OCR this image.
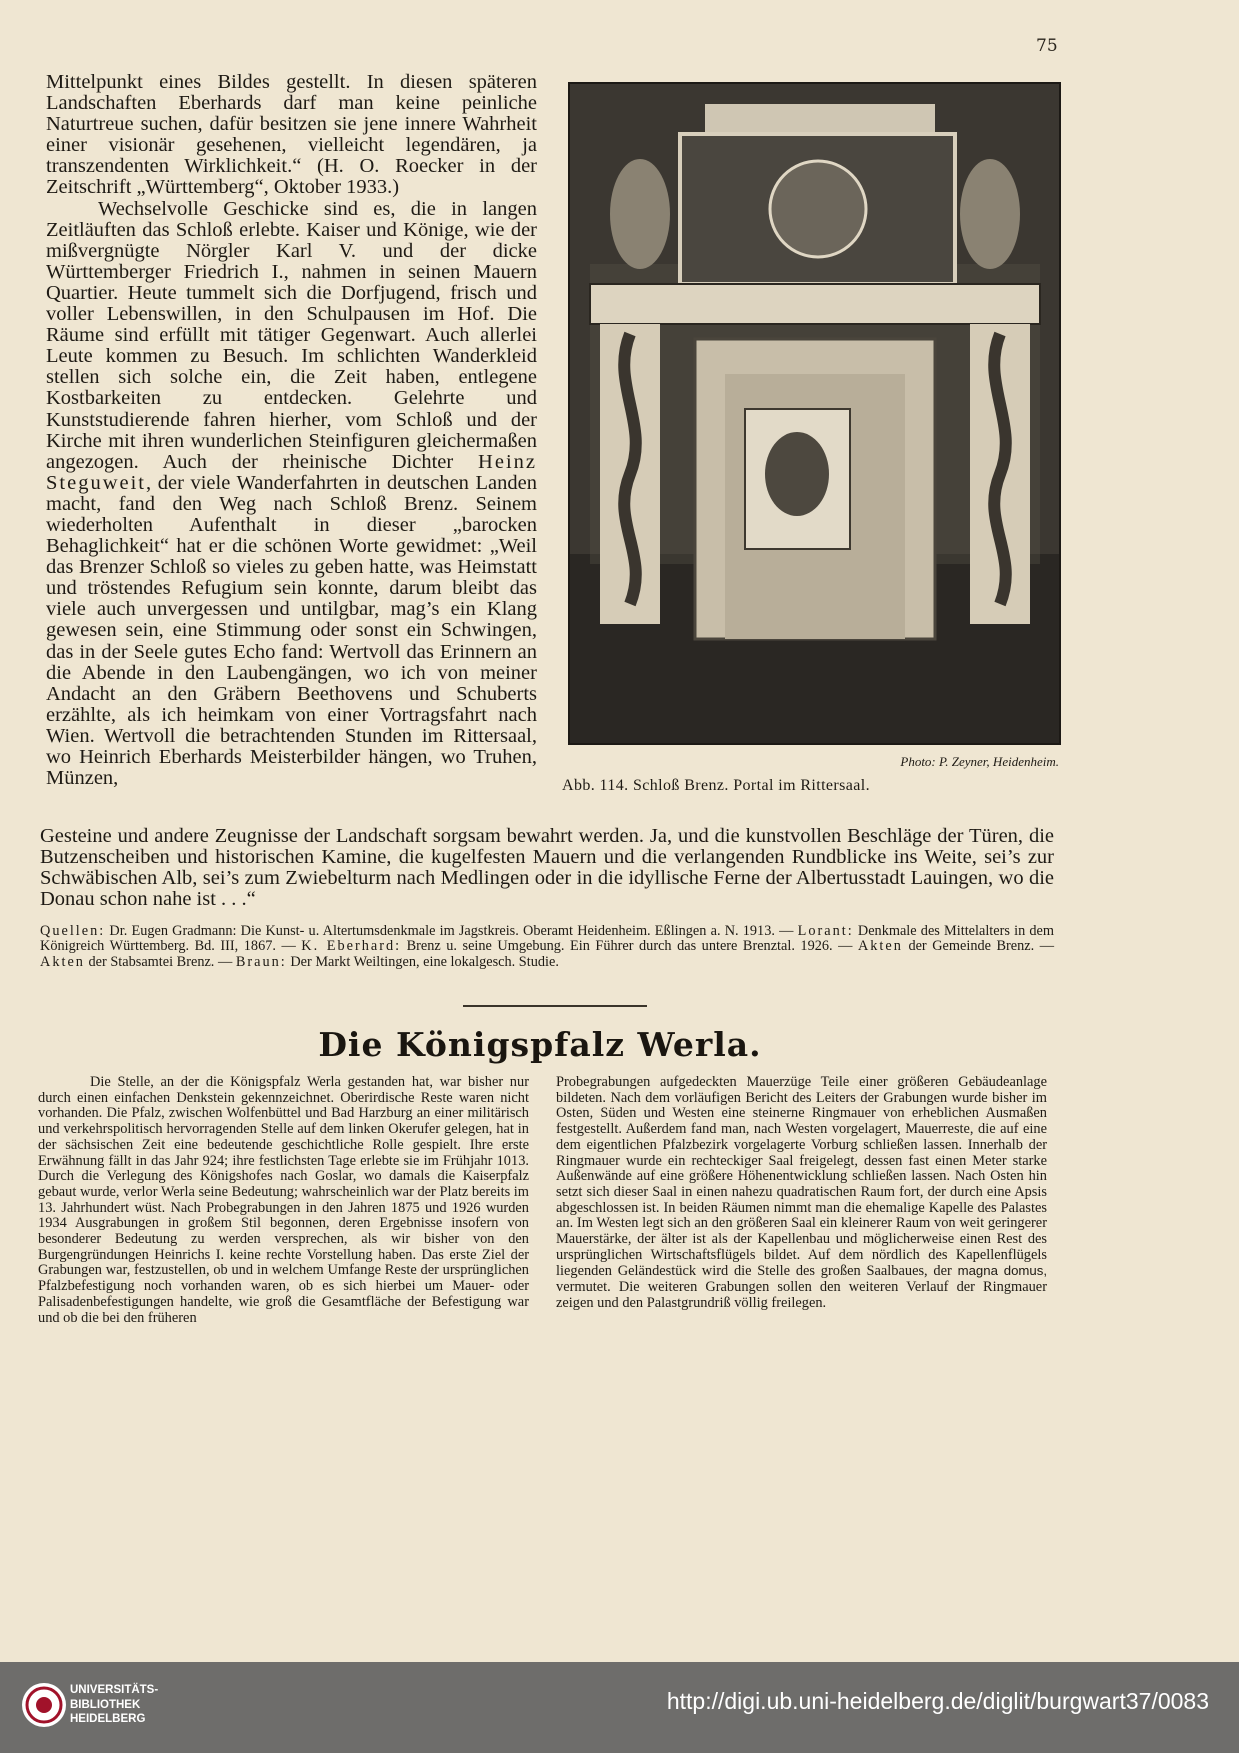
75

Mittelpunkt eines Bildes gestellt. In diesen späteren Landschaften Eberhards darf man keine peinliche Naturtreue suchen, dafür besitzen sie jene innere Wahrheit einer visionär gesehenen, vielleicht legendären, ja transzendenten Wirklichkeit.“ (H. O. Roecker in der Zeitschrift „Württemberg“, Oktober 1933.)

Wechselvolle Geschicke sind es, die in langen Zeitläuften das Schloß erlebte. Kaiser und Könige, wie der mißvergnügte Nörgler Karl V. und der dicke Württemberger Friedrich I., nahmen in seinen Mauern Quartier. Heute tummelt sich die Dorfjugend, frisch und voller Lebenswillen, in den Schulpausen im Hof. Die Räume sind erfüllt mit tätiger Gegenwart. Auch allerlei Leute kommen zu Besuch. Im schlichten Wanderkleid stellen sich solche ein, die Zeit haben, entlegene Kostbarkeiten zu entdecken. Gelehrte und Kunststudierende fahren hierher, vom Schloß und der Kirche mit ihren wunderlichen Steinfiguren gleichermaßen angezogen. Auch der rheinische Dichter Heinz Steguweit, der viele Wanderfahrten in deutschen Landen macht, fand den Weg nach Schloß Brenz. Seinem wiederholten Aufenthalt in dieser „barocken Behaglichkeit“ hat er die schönen Worte gewidmet: „Weil das Brenzer Schloß so vieles zu geben hatte, was Heimstatt und tröstendes Refugium sein konnte, darum bleibt das viele auch unvergessen und untilgbar, mag’s ein Klang gewesen sein, eine Stimmung oder sonst ein Schwingen, das in der Seele gutes Echo fand: Wertvoll das Erinnern an die Abende in den Laubengängen, wo ich von meiner Andacht an den Gräbern Beethovens und Schuberts erzählte, als ich heimkam von einer Vortragsfahrt nach Wien. Wertvoll die betrachtenden Stunden im Rittersaal, wo Heinrich Eberhards Meisterbilder hängen, wo Truhen, Münzen,

Photo: P. Zeyner, Heidenheim.
Abb. 114. Schloß Brenz. Portal im Rittersaal.

Gesteine und andere Zeugnisse der Landschaft sorgsam bewahrt werden. Ja, und die kunstvollen Beschläge der Türen, die Butzenscheiben und historischen Kamine, die kugelfesten Mauern und die verlangenden Rundblicke ins Weite, sei’s zur Schwäbischen Alb, sei’s zum Zwiebelturm nach Medlingen oder in die idyllische Ferne der Albertusstadt Lauingen, wo die Donau schon nahe ist . . .“

Quellen: Dr. Eugen Gradmann: Die Kunst- u. Altertumsdenkmale im Jagstkreis. Oberamt Heidenheim. Eßlingen a. N. 1913. — Lorant: Denkmale des Mittelalters in dem Königreich Württemberg. Bd. III, 1867. — K. Eberhard: Brenz u. seine Umgebung. Ein Führer durch das untere Brenztal. 1926. — Akten der Gemeinde Brenz. — Akten der Stabsamtei Brenz. — Braun: Der Markt Weiltingen, eine lokalgesch. Studie.
Die Königspfalz Werla.

Die Stelle, an der die Königspfalz Werla gestanden hat, war bisher nur durch einen einfachen Denkstein gekennzeichnet. Oberirdische Reste waren nicht vorhanden. Die Pfalz, zwischen Wolfenbüttel und Bad Harzburg an einer militärisch und verkehrspolitisch hervorragenden Stelle auf dem linken Okerufer gelegen, hat in der sächsischen Zeit eine bedeutende geschichtliche Rolle gespielt. Ihre erste Erwähnung fällt in das Jahr 924; ihre festlichsten Tage erlebte sie im Frühjahr 1013. Durch die Verlegung des Königshofes nach Goslar, wo damals die Kaiserpfalz gebaut wurde, verlor Werla seine Bedeutung; wahrscheinlich war der Platz bereits im 13. Jahrhundert wüst. Nach Probegrabungen in den Jahren 1875 und 1926 wurden 1934 Ausgrabungen in großem Stil begonnen, deren Ergebnisse insofern von besonderer Bedeutung zu werden versprechen, als wir bisher von den Burgengründungen Heinrichs I. keine rechte Vorstellung haben. Das erste Ziel der Grabungen war, festzustellen, ob und in welchem Umfange Reste der ursprünglichen Pfalzbefestigung noch vorhanden waren, ob es sich hierbei um Mauer- oder Palisadenbefestigungen handelte, wie groß die Gesamtfläche der Befestigung war und ob die bei den früheren

Probegrabungen aufgedeckten Mauerzüge Teile einer größeren Gebäudeanlage bildeten. Nach dem vorläufigen Bericht des Leiters der Grabungen wurde bisher im Osten, Süden und Westen eine steinerne Ringmauer von erheblichen Ausmaßen festgestellt. Außerdem fand man, nach Westen vorgelagert, Mauerreste, die auf eine dem eigentlichen Pfalzbezirk vorgelagerte Vorburg schließen lassen. Innerhalb der Ringmauer wurde ein rechteckiger Saal freigelegt, dessen fast einen Meter starke Außenwände auf eine größere Höhenentwicklung schließen lassen. Nach Osten hin setzt sich dieser Saal in einen nahezu quadratischen Raum fort, der durch eine Apsis abgeschlossen ist. In beiden Räumen nimmt man die ehemalige Kapelle des Palastes an. Im Westen legt sich an den größeren Saal ein kleinerer Raum von weit geringerer Mauerstärke, der älter ist als der Kapellenbau und möglicherweise einen Rest des ursprünglichen Wirtschaftsflügels bildet. Auf dem nördlich des Kapellenflügels liegenden Geländestück wird die Stelle des großen Saalbaues, der magna domus, vermutet. Die weiteren Grabungen sollen den weiteren Verlauf der Ringmauer zeigen und den Palastgrundriß völlig freilegen.

UNIVERSITÄTS-
BIBLIOTHEK
HEIDELBERG
http://digi.ub.uni-heidelberg.de/diglit/burgwart37/0083
